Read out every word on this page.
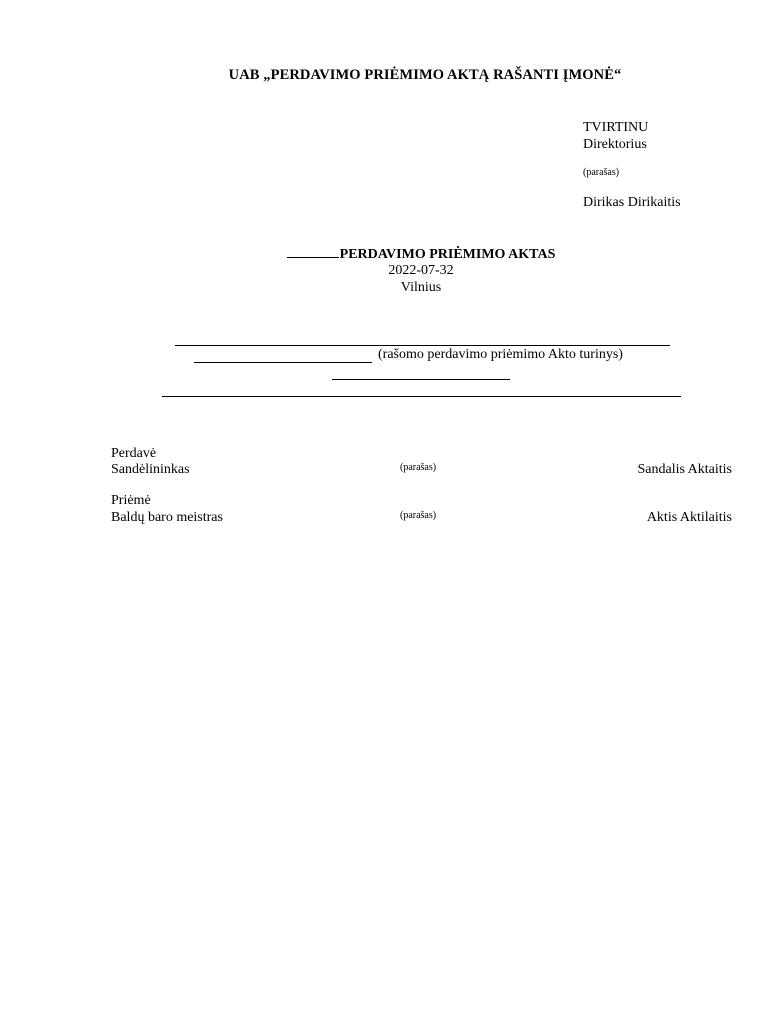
UAB „PERDAVIMO PRIĖMIMO AKTĄ RAŠANTI ĮMONĖ“
TVIRTINU
Direktorius
(parašas)
Dirikas Dirikaitis
PERDAVIMO PRIĖMIMO AKTAS
2022-07-32
Vilnius
(rašomo perdavimo priėmimo Akto turinys)
Perdavė
Sandėlininkas	(parašas)	Sandalis Aktaitis
Priėmė
Baldų baro meistras	(parašas)	Aktis Aktilaitis
